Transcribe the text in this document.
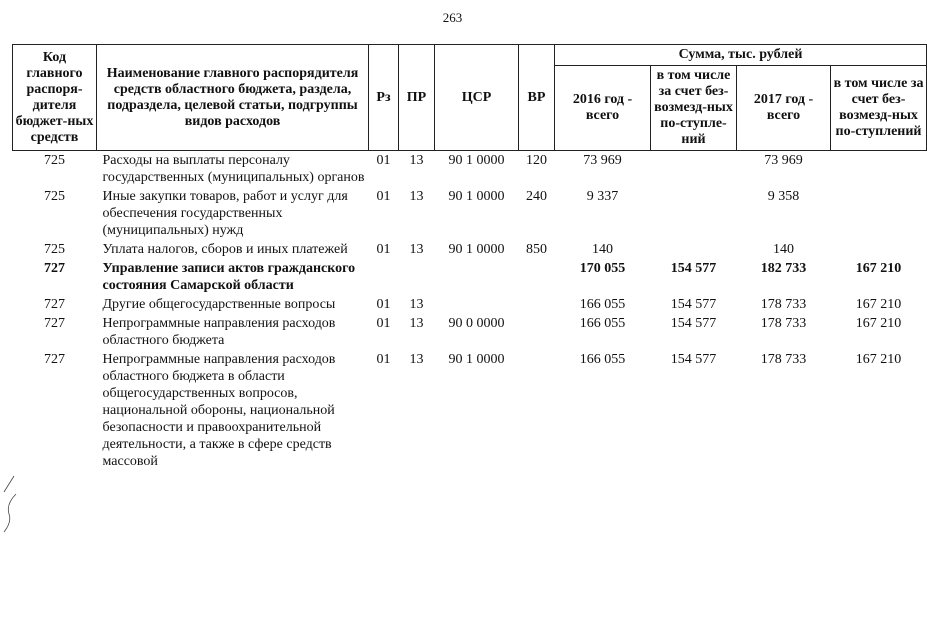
263
Код главного распоря-дителя бюджет-ных средств	Наименование главного распорядителя средств областного бюджета, раздела, подраздела, целевой статьи, подгруппы видов расходов	Рз	ПР	ЦСР	ВР	Сумма, тыс. рублей			
						2016 год - всего	в том числе за счет без-возмезд-ных по-ступле-ний	2017 год - всего	в том числе за счет без-возмезд-ных по-ступлений
725	Расходы на выплаты персоналу государственных (муниципальных) органов	01	13	90 1 0000	120	73 969		73 969	
725	Иные закупки товаров, работ и услуг для обеспечения государственных (муниципальных) нужд	01	13	90 1 0000	240	9 337		9 358	
725	Уплата налогов, сборов и иных платежей	01	13	90 1 0000	850	140		140	
727	Управление записи актов гражданского состояния Самарской области					170 055	154 577	182 733	167 210
727	Другие общегосударственные вопросы	01	13			166 055	154 577	178 733	167 210
727	Непрограммные направления расходов областного бюджета	01	13	90 0 0000		166 055	154 577	178 733	167 210
727	Непрограммные направления расходов областного бюджета в области общегосударственных вопросов, национальной обороны, национальной безопасности и правоохранительной деятельности, а также в сфере средств массовой	01	13	90 1 0000		166 055	154 577	178 733	167 210
